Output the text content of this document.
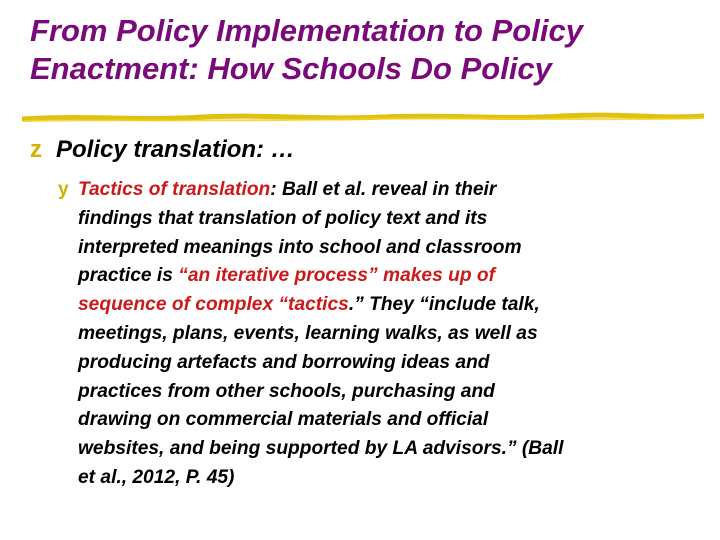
From Policy Implementation to Policy
Enactment: How Schools Do Policy
z Policy translation: …
y Tactics of translation: Ball et al. reveal in their
findings that translation of policy text and its
interpreted meanings into school and classroom
practice is “an iterative process” makes up of
sequence of complex “tactics.” They “include talk,
meetings, plans, events, learning walks, as well as
producing artefacts and borrowing ideas and
practices from other schools, purchasing and
drawing on commercial materials and official
websites, and being supported by LA advisors.” (Ball
et al., 2012, P. 45)
